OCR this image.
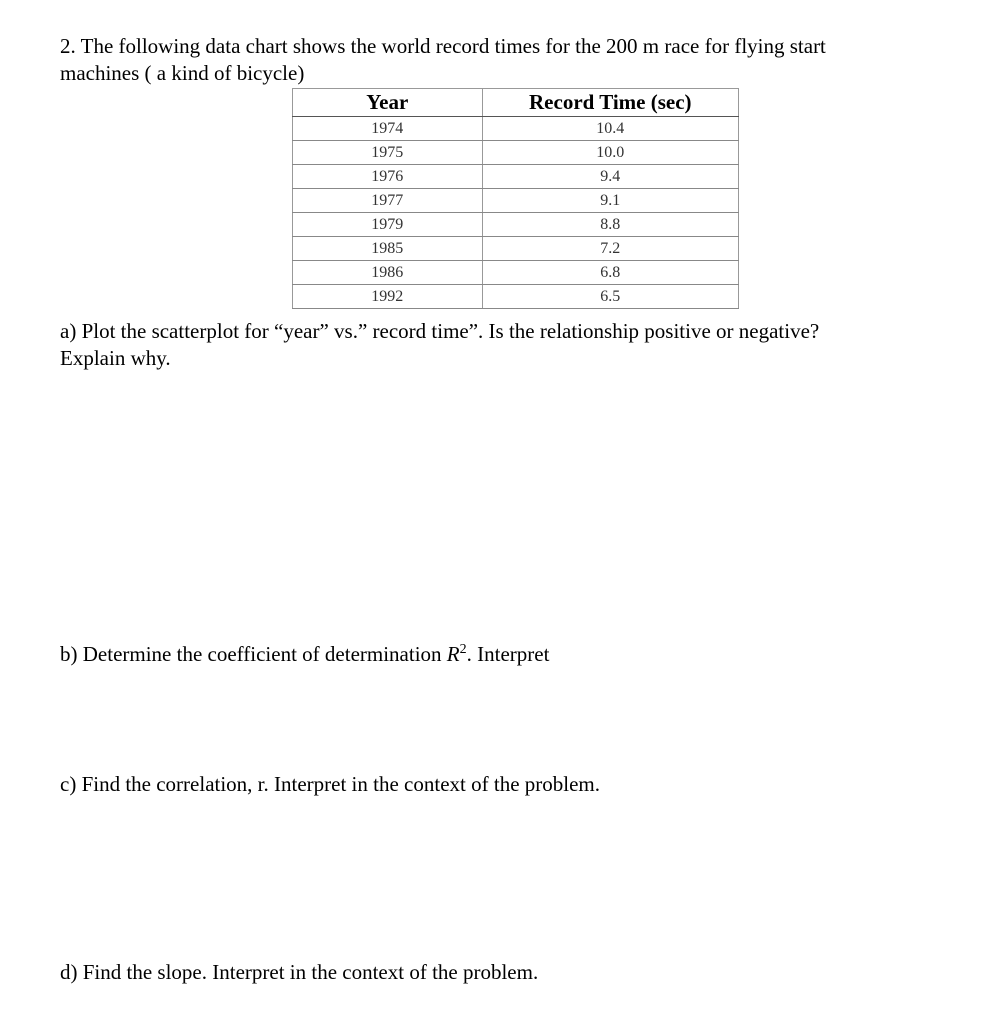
2. The following data chart shows the world record times for the 200 m race for flying start
machines ( a kind of bicycle)
Year	Record Time (sec)
1974	10.4
1975	10.0
1976	9.4
1977	9.1
1979	8.8
1985	7.2
1986	6.8
1992	6.5
a) Plot the scatterplot for “year” vs.” record time”. Is the relationship positive or negative?
Explain why.
b) Determine the coefficient of determination $R^2$. Interpret
c) Find the correlation, r. Interpret in the context of the problem.
d) Find the slope. Interpret in the context of the problem.
